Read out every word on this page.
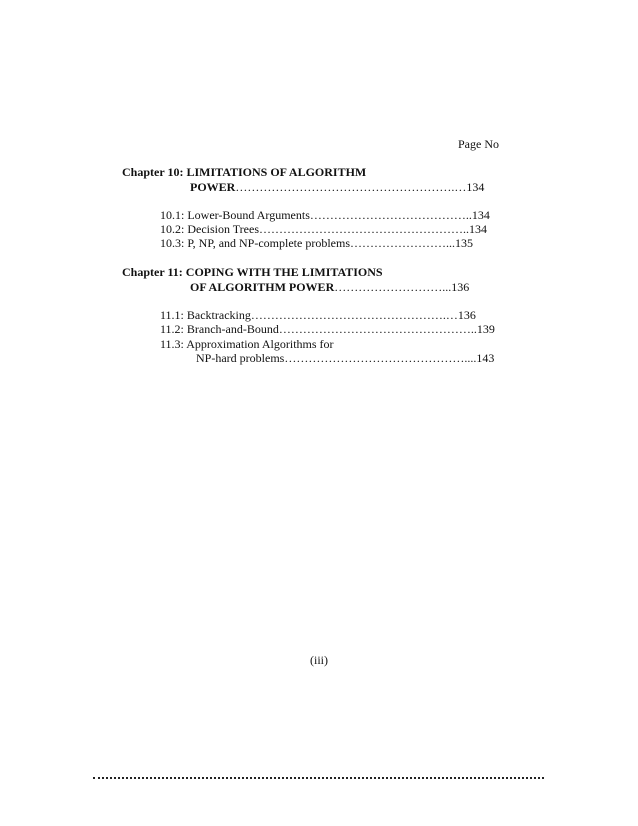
Page No
Chapter 10: LIMITATIONS OF ALGORITHM
POWER……………………………………………….…134
10.1: Lower-Bound Arguments…………………………………..134
10.2: Decision Trees……………………………………………..134
10.3: P, NP, and NP-complete problems……………………...135
Chapter 11: COPING WITH THE LIMITATIONS
OF ALGORITHM POWER………………………...136
11.1: Backtracking………………………………………….…136
11.2: Branch-and-Bound…………………………………………..139
11.3: Approximation Algorithms for
NP-hard problems………………………………………....143
(iii)
